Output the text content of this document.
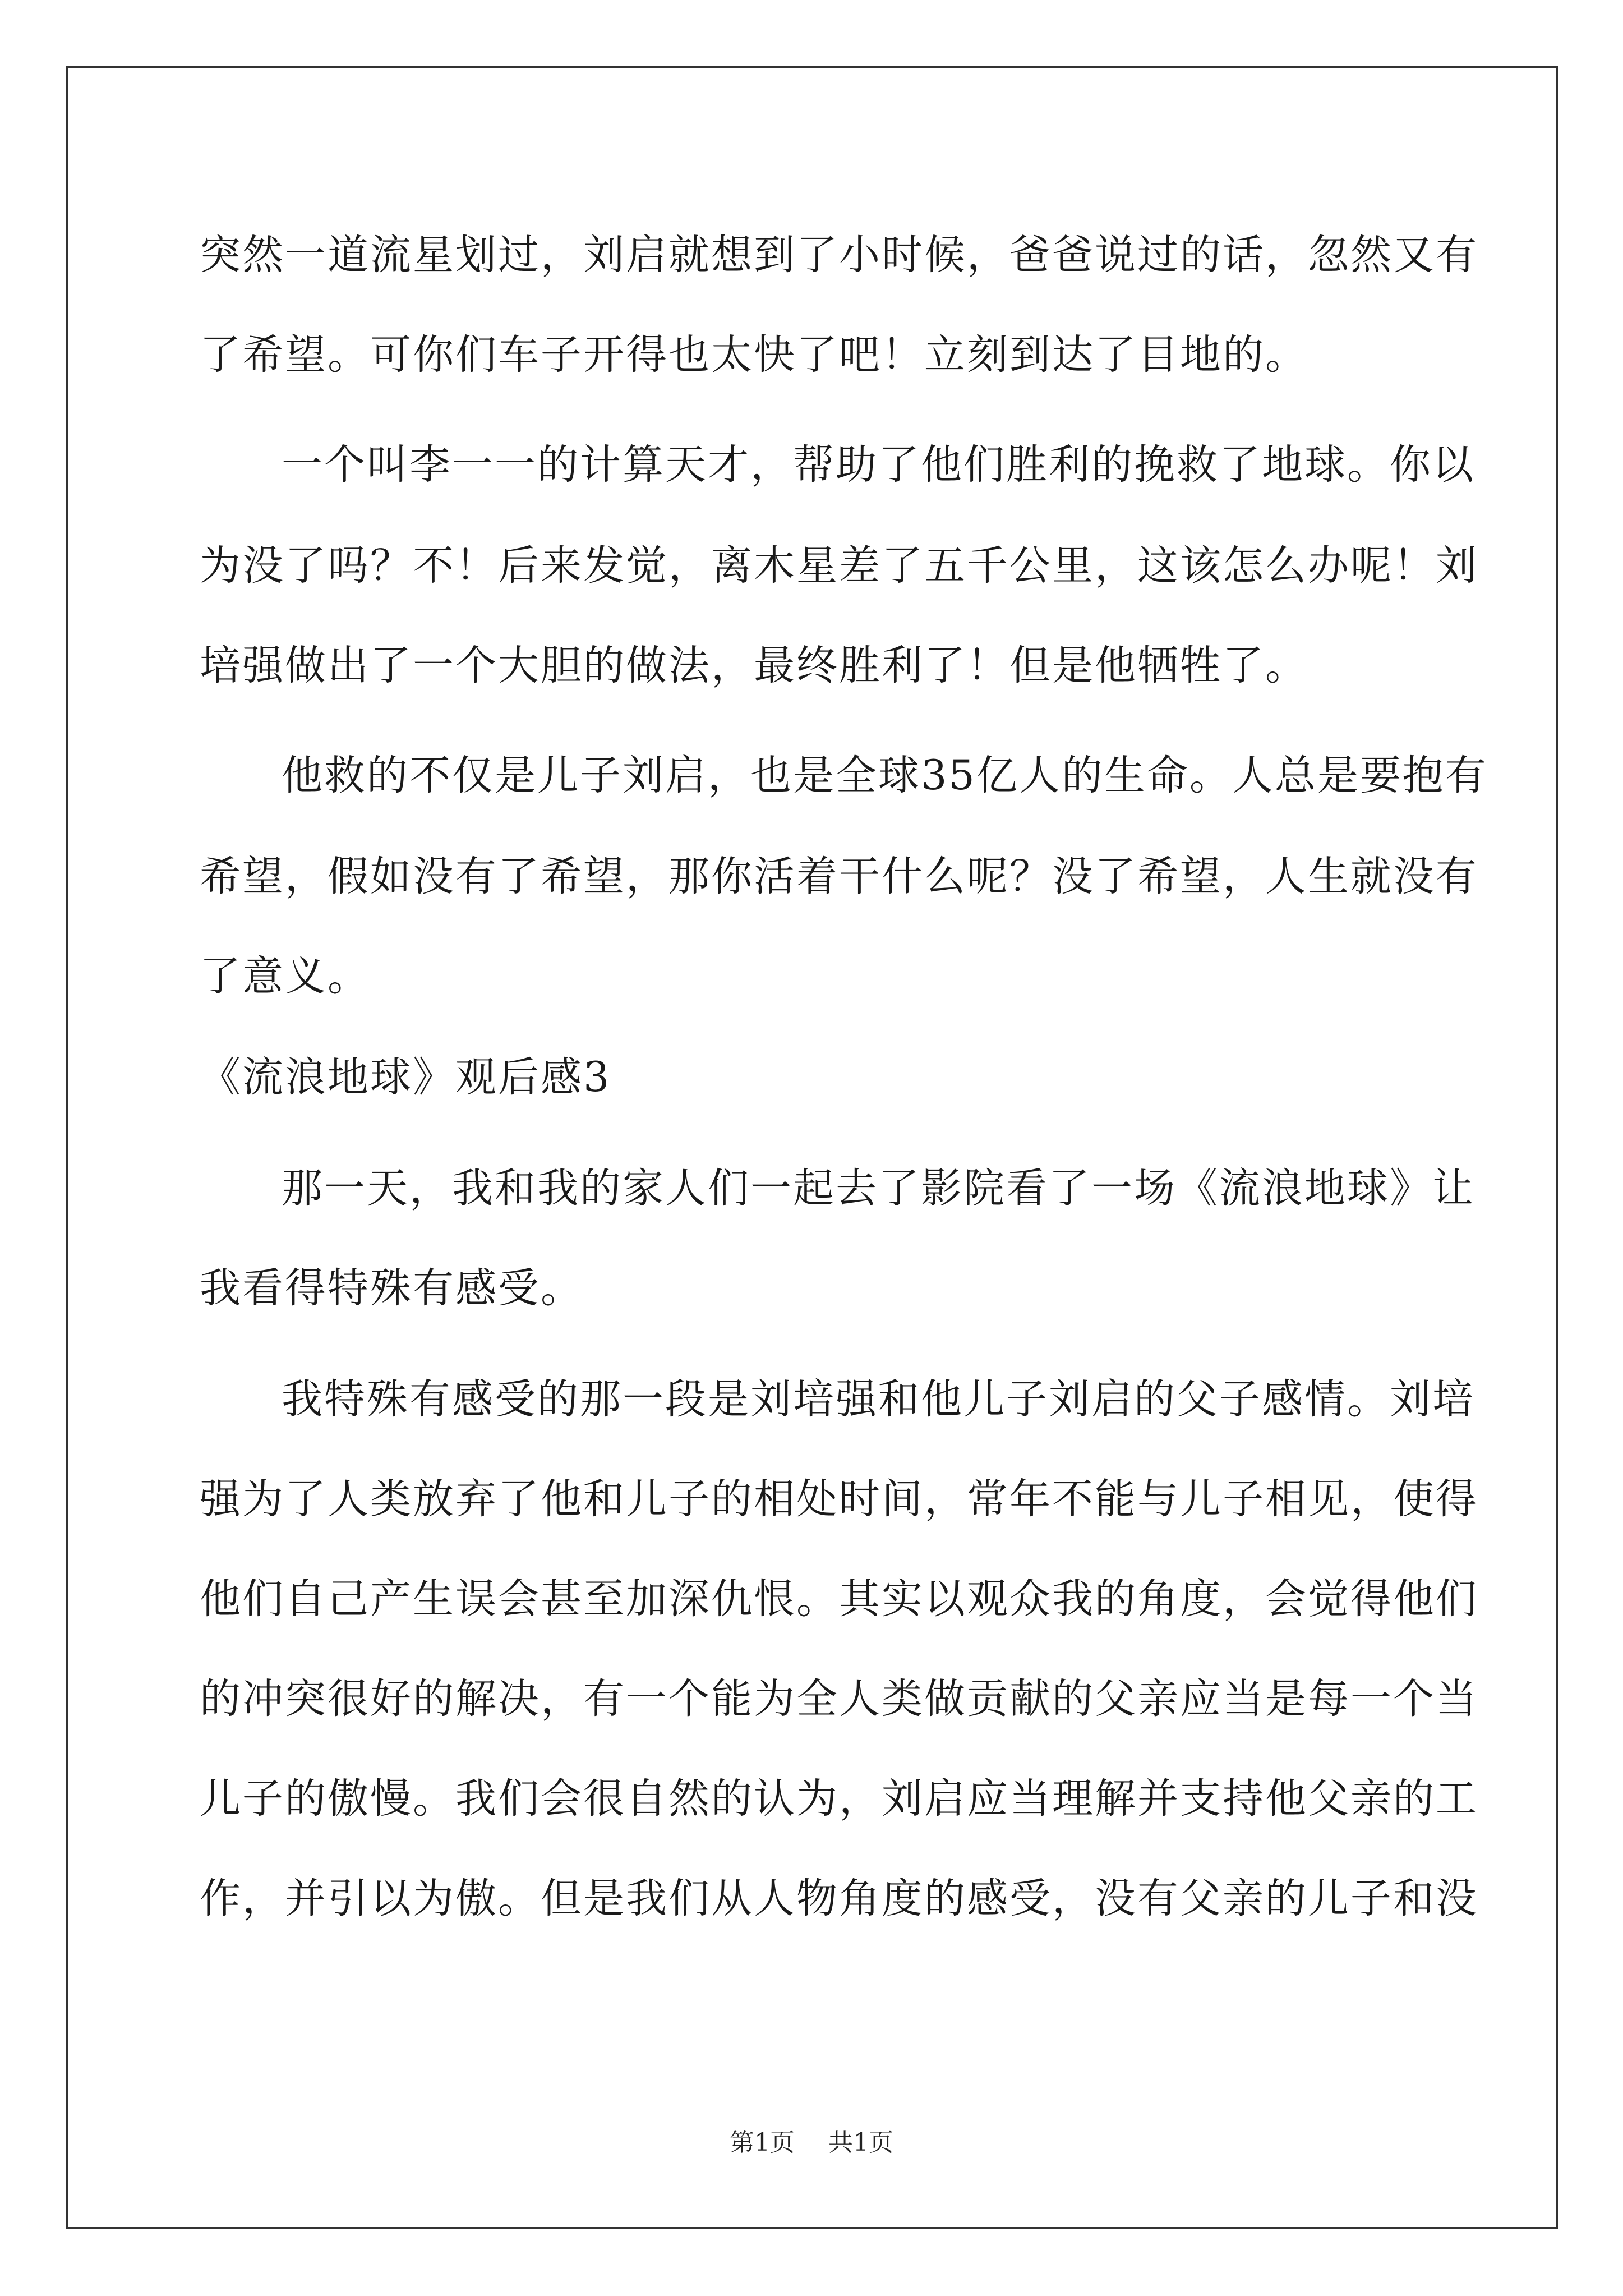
突然一道流星划过，刘启就想到了小时候，爸爸说过的话，忽然又有
了希望。可你们车子开得也太快了吧！立刻到达了目地的。
一个叫李一一的计算天才，帮助了他们胜利的挽救了地球。你以
为没了吗？不！后来发觉，离木星差了五千公里，这该怎么办呢！刘
培强做出了一个大胆的做法，最终胜利了！但是他牺牲了。
他救的不仅是儿子刘启，也是全球35亿人的生命。人总是要抱有
希望，假如没有了希望，那你活着干什么呢？没了希望，人生就没有
了意义。
《流浪地球》观后感3
那一天，我和我的家人们一起去了影院看了一场《流浪地球》让
我看得特殊有感受。
我特殊有感受的那一段是刘培强和他儿子刘启的父子感情。刘培
强为了人类放弃了他和儿子的相处时间，常年不能与儿子相见，使得
他们自己产生误会甚至加深仇恨。其实以观众我的角度，会觉得他们
的冲突很好的解决，有一个能为全人类做贡献的父亲应当是每一个当
儿子的傲慢。我们会很自然的认为，刘启应当理解并支持他父亲的工
作，并引以为傲。但是我们从人物角度的感受，没有父亲的儿子和没
第1页 共1页
